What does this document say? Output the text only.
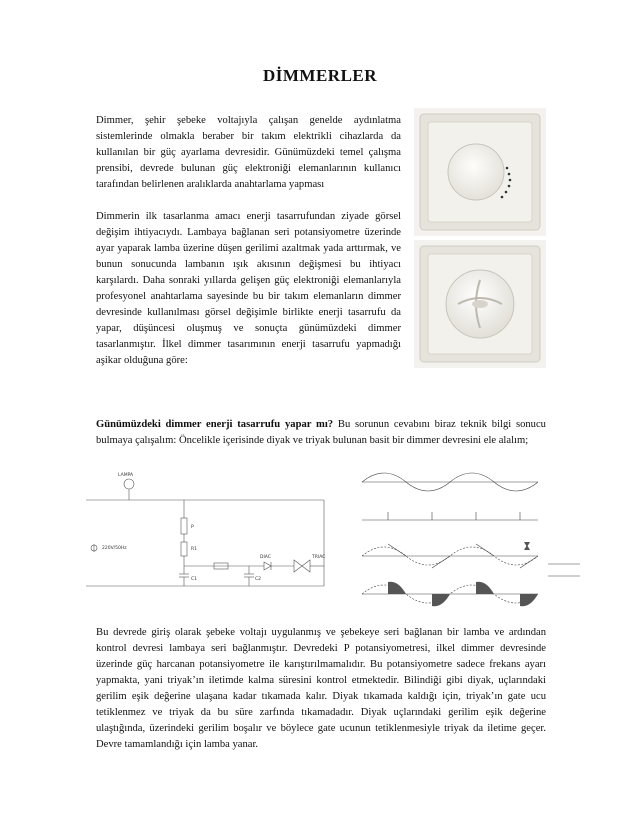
DİMMERLER

Dimmer, şehir şebeke voltajıyla çalışan genelde aydınlatma sistemlerinde olmakla beraber bir takım elektrikli cihazlarda da kullanılan bir güç ayarlama devresidir. Günümüzdeki temel çalışma prensibi, devrede bulunan güç elektroniği elemanlarının kullanıcı tarafından belirlenen aralıklarda anahtarlama yapması

Dimmerin ilk tasarlanma amacı enerji tasarrufundan ziyade görsel değişim ihtiyacıydı. Lambaya bağlanan seri potansiyometre üzerinde ayar yaparak lamba üzerine düşen gerilimi azaltmak yada arttırmak, ve bunun sonucunda lambanın ışık akısının değişmesi bu ihtiyacı karşılardı. Daha sonraki yıllarda gelişen güç elektroniği elemanlarıyla profesyonel anahtarlama sayesinde bu bir takım elemanların dimmer devresinde kullanılması görsel değişimle birlikte enerji tasarrufu da yapar, düşüncesi oluşmuş ve sonuçta günümüzdeki dimmer tasarlanmıştır. İlkel dimmer tasarımının enerji tasarrufu yapmadığı aşikar olduğuna göre:

Günümüzdeki dimmer enerji tasarrufu yapar mı? Bu sorunun cevabını biraz teknik bilgi sonucu bulmaya çalışalım: Öncelikle içerisinde diyak ve triyak bulunan basit bir dimmer devresini ele alalım;

LAMPA
220V/50Hz
P
R1
C1	C2
DIAC	TRIAC

Bu devrede giriş olarak şebeke voltajı uygulanmış ve şebekeye seri bağlanan bir lamba ve ardından kontrol devresi lambaya seri bağlanmıştır. Devredeki P potansiyometresi, ilkel dimmer devresinde üzerinde güç harcanan potansiyometre ile karıştırılmamalıdır. Bu potansiyometre sadece frekans ayarı yapmakta, yani triyak’ın iletimde kalma süresini kontrol etmektedir. Bilindiği gibi diyak, uçlarındaki gerilim eşik değerine ulaşana kadar tıkamada kalır. Diyak tıkamada kaldığı için, triyak’ın gate ucu tetiklenmez ve triyak da bu süre zarfında tıkamadadır. Diyak uçlarındaki gerilim eşik değerine ulaştığında, üzerindeki gerilim boşalır ve böylece gate ucunun tetiklenmesiyle triyak da iletime geçer. Devre tamamlandığı için lamba yanar.
